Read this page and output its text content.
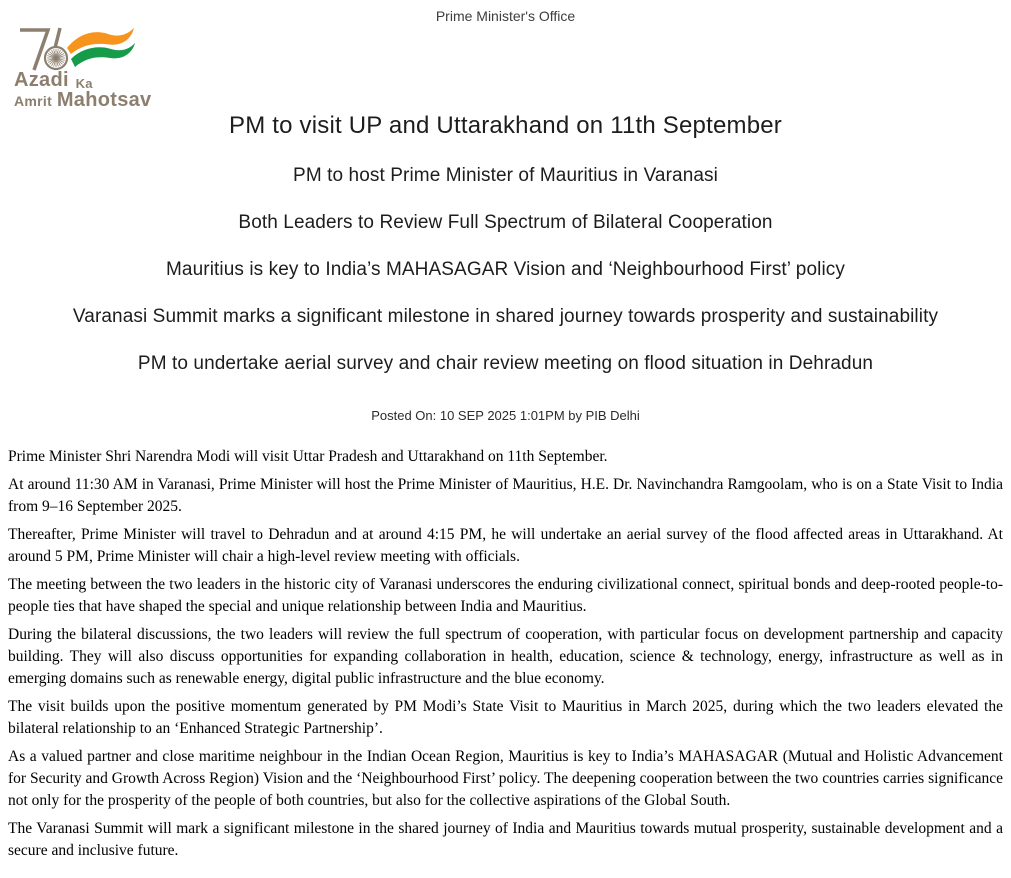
Prime Minister's Office
Azadi Ka
Amrit Mahotsav
PM to visit UP and Uttarakhand on 11th September
PM to host Prime Minister of Mauritius in Varanasi
Both Leaders to Review Full Spectrum of Bilateral Cooperation
Mauritius is key to India’s MAHASAGAR Vision and ‘Neighbourhood First’ policy
Varanasi Summit marks a significant milestone in shared journey towards prosperity and sustainability
PM to undertake aerial survey and chair review meeting on flood situation in Dehradun
Posted On: 10 SEP 2025 1:01PM by PIB Delhi

Prime Minister Shri Narendra Modi will visit Uttar Pradesh and Uttarakhand on 11th September.

At around 11:30 AM in Varanasi, Prime Minister will host the Prime Minister of Mauritius, H.E. Dr. Navinchandra Ramgoolam, who is on a State Visit to India from 9–16 September 2025.

Thereafter, Prime Minister will travel to Dehradun and at around 4:15 PM, he will undertake an aerial survey of the flood affected areas in Uttarakhand. At around 5 PM, Prime Minister will chair a high-level review meeting with officials.

The meeting between the two leaders in the historic city of Varanasi underscores the enduring civilizational connect, spiritual bonds and deep-rooted people-to-people ties that have shaped the special and unique relationship between India and Mauritius.

During the bilateral discussions, the two leaders will review the full spectrum of cooperation, with particular focus on development partnership and capacity building. They will also discuss opportunities for expanding collaboration in health, education, science & technology, energy, infrastructure as well as in emerging domains such as renewable energy, digital public infrastructure and the blue economy.

The visit builds upon the positive momentum generated by PM Modi’s State Visit to Mauritius in March 2025, during which the two leaders elevated the bilateral relationship to an ‘Enhanced Strategic Partnership’.

As a valued partner and close maritime neighbour in the Indian Ocean Region, Mauritius is key to India’s MAHASAGAR (Mutual and Holistic Advancement for Security and Growth Across Region) Vision and the ‘Neighbourhood First’ policy. The deepening cooperation between the two countries carries significance not only for the prosperity of the people of both countries, but also for the collective aspirations of the Global South.

The Varanasi Summit will mark a significant milestone in the shared journey of India and Mauritius towards mutual prosperity, sustainable development and a secure and inclusive future.
